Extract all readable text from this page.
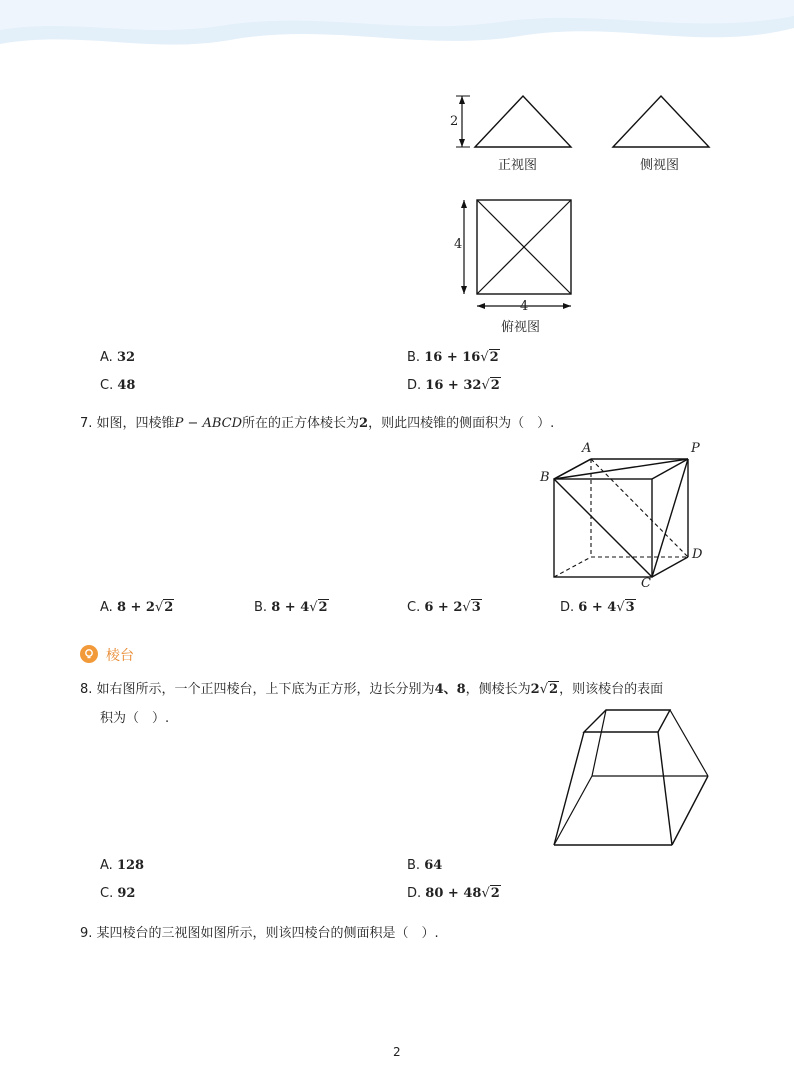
2
正视图	侧视图
4
4
俯视图
A. 32	B. 16 + 16√2
C. 48	D. 16 + 32√2
7. 如图，四棱锥P − ABCD所在的正方体棱长为2，则此四棱锥的侧面积为（　）.
A	P
B
C
D
A. 8 + 2√2	B. 8 + 4√2	C. 6 + 2√3	D. 6 + 4√3
棱台
8. 如右图所示，一个正四棱台，上下底为正方形，边长分别为4、8，侧棱长为2√2，则该棱台的表面
积为（　）.
A. 128	B. 64
C. 92	D. 80 + 48√2
9. 某四棱台的三视图如图所示，则该四棱台的侧面积是（　）.
2
